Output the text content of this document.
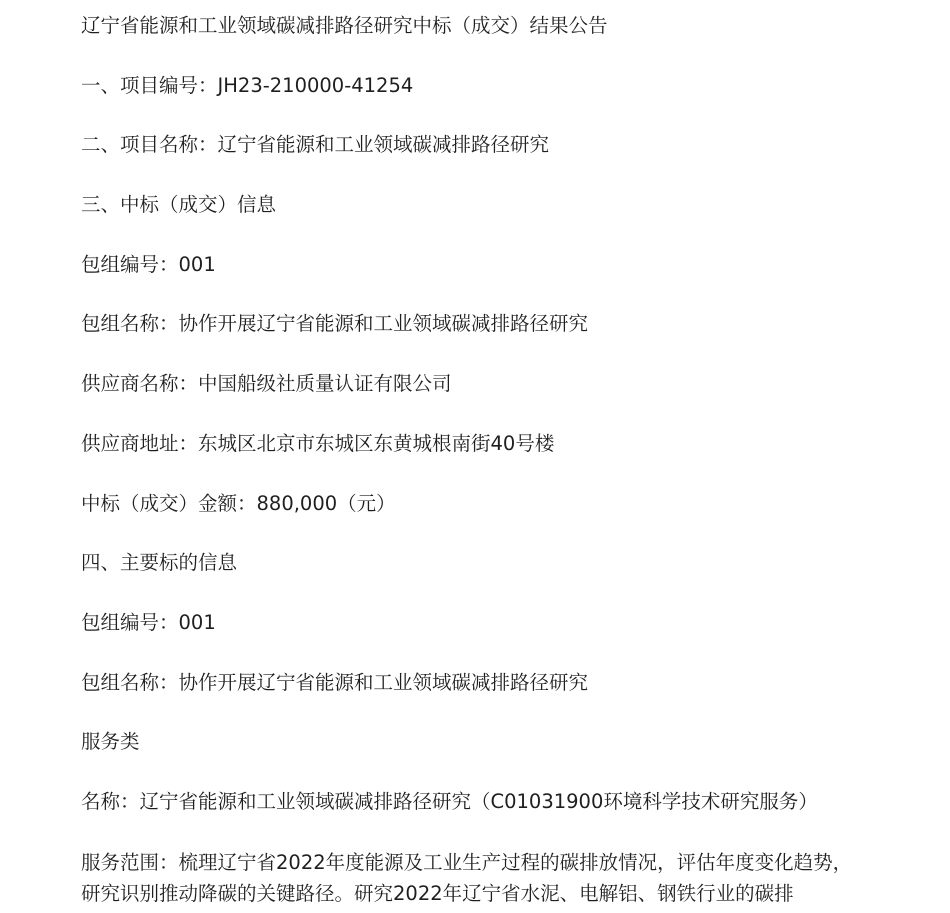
辽宁省能源和工业领域碳减排路径研究中标（成交）结果公告
一、项目编号：JH23-210000-41254
二、项目名称：辽宁省能源和工业领域碳减排路径研究
三、中标（成交）信息
包组编号：001
包组名称：协作开展辽宁省能源和工业领域碳减排路径研究
供应商名称：中国船级社质量认证有限公司
供应商地址：东城区北京市东城区东黄城根南街40号楼
中标（成交）金额：880,000（元）
四、主要标的信息
包组编号：001
包组名称：协作开展辽宁省能源和工业领域碳减排路径研究
服务类
名称：辽宁省能源和工业领域碳减排路径研究（C01031900环境科学技术研究服务）
服务范围：梳理辽宁省2022年度能源及工业生产过程的碳排放情况，评估年度变化趋势，研究识别推动降碳的关键路径。研究2022年辽宁省水泥、电解铝、钢铁行业的碳排
